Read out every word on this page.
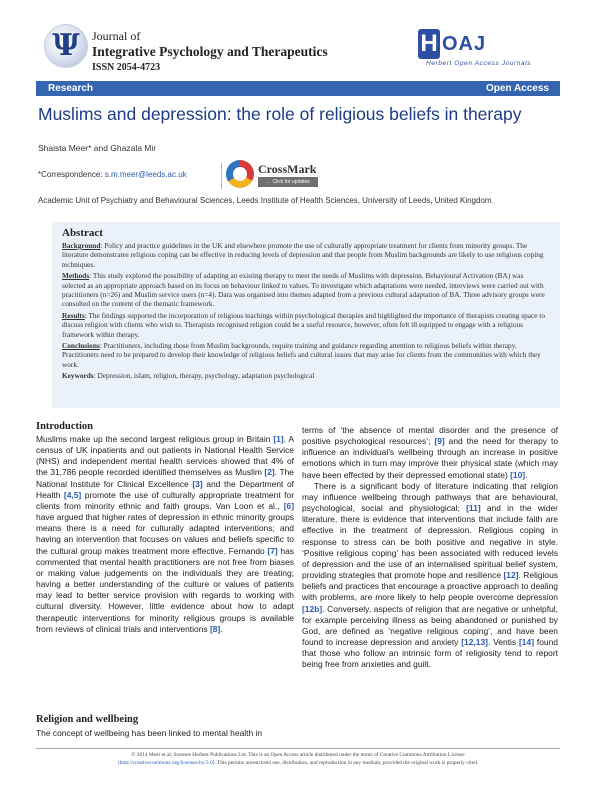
Ψ	Journal of
Integrative Psychology and Therapeutics
ISSN 2054-4723
H OAJ
Herbert Open Access Journals
Research	Open Access
Muslims and depression: the role of religious beliefs in therapy
Shaista Meer* and Ghazala Mir
*Correspondence: s.m.meer@leeds.ac.uk	CrossMark
← Click for updates
Academic Unit of Psychiatry and Behavioural Sciences, Leeds Institute of Health Sciences, University of Leeds, United Kingdom.
Abstract

Background: Policy and practice guidelines in the UK and elsewhere promote the use of culturally appropriate treatment for clients from minority groups. The literature demonstrates religious coping can be effective in reducing levels of depression and that people from Muslim backgrounds are likely to use religious coping techniques.

Methods: This study explored the possibility of adapting an existing therapy to meet the needs of Muslims with depression. Behavioural Activation (BA) was selected as an appropriate approach based on its focus on behaviour linked to values. To investigate which adaptations were needed, interviews were carried out with practitioners (n=26) and Muslim service users (n=4). Data was organised into themes adapted from a previous cultural adaptation of BA. Three advisory groups were consulted on the content of the thematic framework.

Results: The findings supported the incorporation of religious teachings within psychological therapies and highlighted the importance of therapists creating space to discuss religion with clients who wish to. Therapists recognised religion could be a useful resource, however, often felt ill equipped to engage with a religious framework within therapy.

Conclusions: Practitioners, including those from Muslim backgrounds, require training and guidance regarding attention to religious beliefs within therapy. Practitioners need to be prepared to develop their knowledge of religious beliefs and cultural issues that may arise for clients from the communities with which they work.

Keywords: Depression, islam, religion, therapy, psychology, adaptation psychological

Introduction

Muslims make up the second largest religious group in Britain [1]. A census of UK inpatients and out patients in National Health Service (NHS) and independent mental health services showed that 4% of the 31,786 people recorded identified themselves as Muslim [2]. The National Institute for Clinical Excellence [3] and the Department of Health [4,5] promote the use of culturally appropriate treatment for clients from minority ethnic and faith groups. Van Loon et al., [6] have argued that higher rates of depression in ethnic minority groups means there is a need for culturally adapted interventions; and having an intervention that focuses on values and beliefs specific to the cultural group makes treatment more effective. Fernando [7] has commented that mental health practitioners are not free from biases or making value judgements on the individuals they are treating; having a better understanding of the culture or values of patients may lead to better service provision with regards to working with cultural diversity. However, little evidence about how to adapt therapeutic interventions for minority religious groups is available from reviews of clinical trials and interventions [8].

Religion and wellbeing
The concept of wellbeing has been linked to mental health in

terms of ‘the absence of mental disorder and the presence of positive psychological resources’; [9] and the need for therapy to influence an individual’s wellbeing through an increase in positive emotions which in turn may improve their physical state (which may have been effected by their depressed emotional state) [10].

There is a significant body of literature indicating that religion may influence wellbeing through pathways that are behavioural, psychological, social and physiological; [11] and in the wider literature, there is evidence that interventions that include faith are effective in the treatment of depression. Religious coping in response to stress can be both positive and negative in style. ‘Positive religious coping’ has been associated with reduced levels of depression and the use of an internalised spiritual belief system, providing strategies that promote hope and resilience [12]. Religious beliefs and practices that encourage a proactive approach to dealing with problems, are more likely to help people overcome depression [12b]. Conversely, aspects of religion that are negative or unhelpful, for example perceiving illness as being abandoned or punished by God, are defined as ‘negative religious coping’, and have been found to increase depression and anxiety [12,13]. Ventis [14] found that those who follow an intrinsic form of religiosity tend to report being free from anxieties and guilt.

© 2014 Meer et al; licensee Herbert Publications Ltd. This is an Open Access article distributed under the terms of Creative Commons Attribution License
(http://creativecommons.org/licenses/by/3.0). This permits unrestricted use, distribution, and reproduction in any medium, provided the original work is properly cited.
